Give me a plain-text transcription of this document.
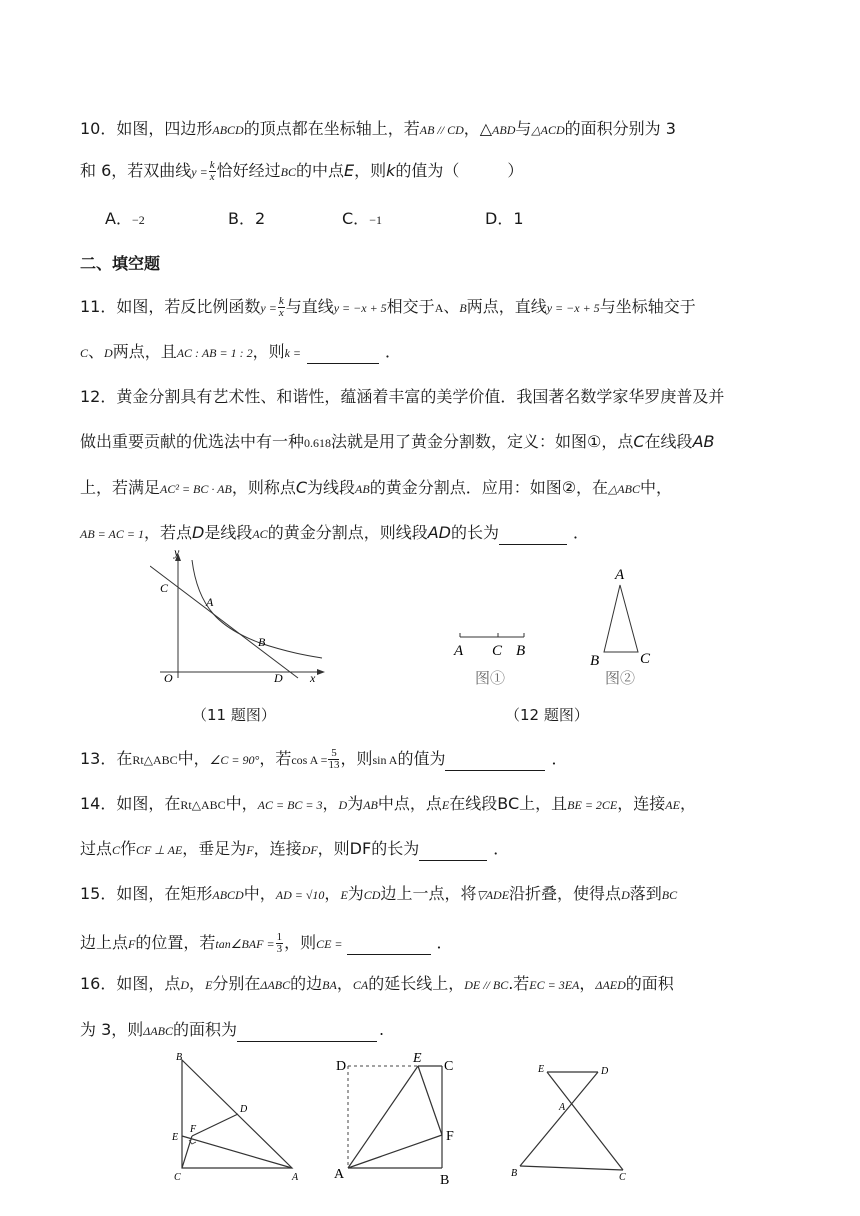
10．如图，四边形ABCD的顶点都在坐标轴上，若AB // CD，△ABD与△ACD的面积分别为 3
和 6，若双曲线$y = \frac{k}{x}$ 恰好经过BC的中点E，则k的值为（　　　）
A．−2	B．2	C．−1	D．1
二、填空题
11．如图，若反比例函数$y = \frac{k}{x}$ 与直线y = −x + 5相交于A、B两点，直线y = −x + 5与坐标轴交于
C、D两点，且AC : AB = 1 : 2，则k =	．
12．黄金分割具有艺术性、和谐性，蕴涵着丰富的美学价值．我国著名数学家华罗庚普及并
做出重要贡献的优选法中有一种0.618法就是用了黄金分割数，定义：如图①，点C在线段AB
上，若满足AC² = BC · AB，则称点C为线段AB的黄金分割点．应用：如图②，在△ABC中，
AB = AC = 1，若点D是线段AC的黄金分割点，则线段AD的长为	．
y
x
C
A
B
O	D
（11 题图）
A C B
图①
A
B	C
图②
（12 题图）
13．在Rt△ABC中，∠C = 90°，若$\cos A = \frac{5}{13}$ ，则sin A的值为	．
14．如图，在Rt△ABC中，AC = BC = 3，D为AB中点，点E在线段BC上，且BE = 2CE，连接AE，
过点C作CF ⊥ AE，垂足为F，连接DF，则DF的长为	．
15．如图，在矩形ABCD中，AD = √10，E为CD边上一点，将▽ADE沿折叠，使得点D落到BC
边上点F的位置，若tan∠BAF = $\frac{1}{3}$ ，则CE =	．
16．如图，点D，E分别在ΔABC的边BA，CA的延长线上，DE // BC.若EC = 3EA，ΔAED的面积
为 3，则ΔABC的面积为	.
B
D
E
F
C	A
D
E
C
F
A	B
E	D
A
B	C
